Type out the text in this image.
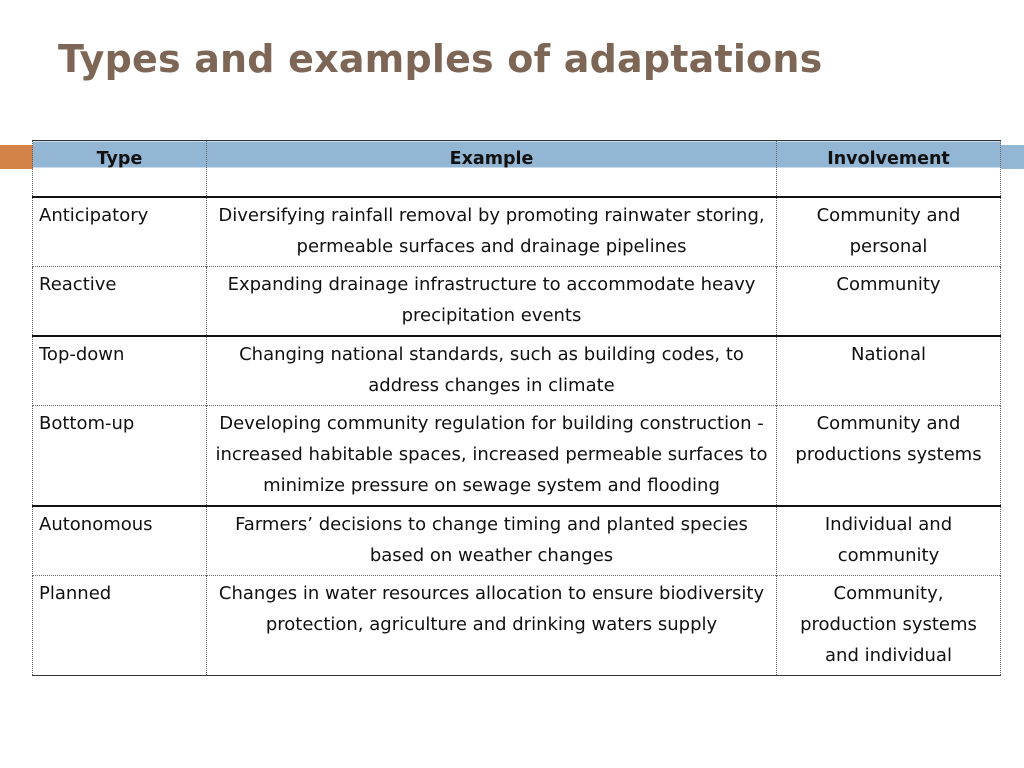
Types and examples of adaptations
Type	Example	Involvement
Anticipatory	Diversifying rainfall removal by promoting rainwater storing, permeable surfaces and drainage pipelines	Community and personal
Reactive	Expanding drainage infrastructure to accommodate heavy precipitation events	Community
Top-down	Changing national standards, such as building codes, to address changes in climate	National
Bottom-up	Developing community regulation for building construction - increased habitable spaces, increased permeable surfaces to minimize pressure on sewage system and flooding	Community and productions systems
Autonomous	Farmers’ decisions to change timing and planted species based on weather changes	Individual and community
Planned	Changes in water resources allocation to ensure biodiversity protection, agriculture and drinking waters supply	Community, production systems and individual
